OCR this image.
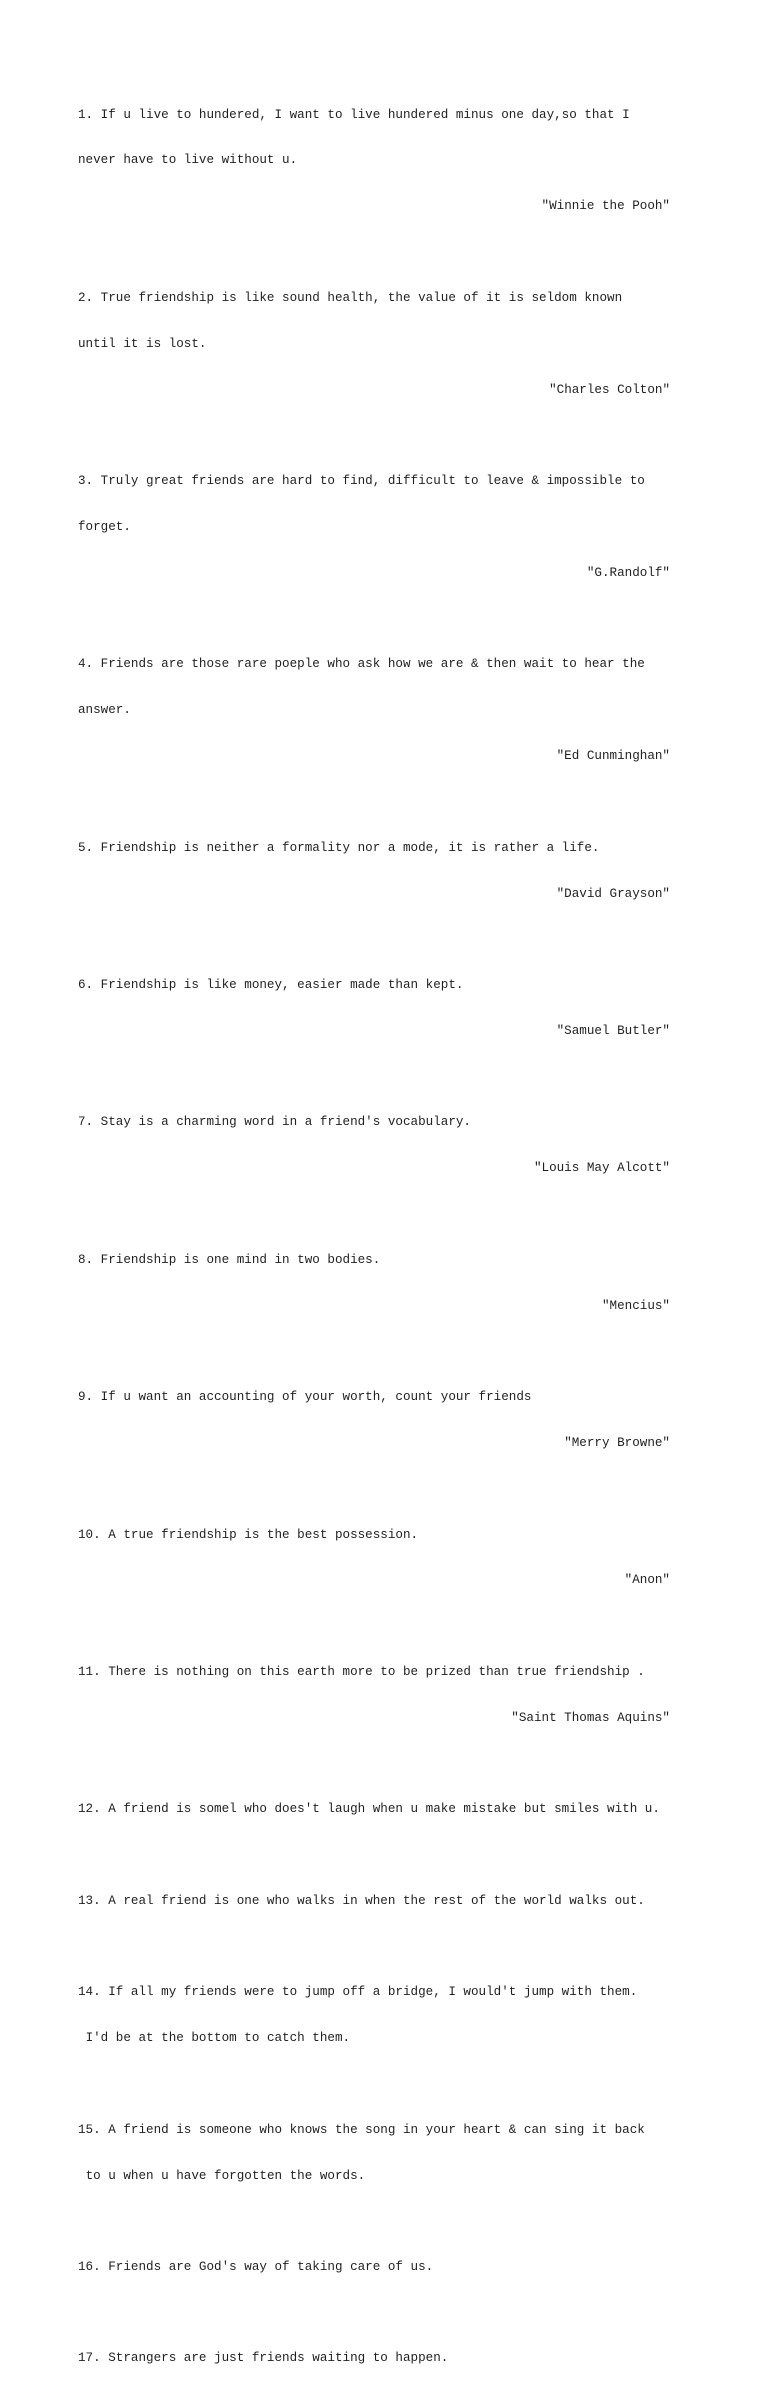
1. If u live to hundered, I want to live hundered minus one day,so that I

never have to live without u.

"Winnie the Pooh"

2. True friendship is like sound health, the value of it is seldom known

until it is lost.

"Charles Colton"

3. Truly great friends are hard to find, difficult to leave & impossible to

forget.

"G.Randolf"

4. Friends are those rare poeple who ask how we are & then wait to hear the

answer.

"Ed Cunminghan"

5. Friendship is neither a formality nor a mode, it is rather a life.

"David Grayson"

6. Friendship is like money, easier made than kept.

"Samuel Butler"

7. Stay is a charming word in a friend's vocabulary.

"Louis May Alcott"

8. Friendship is one mind in two bodies.

"Mencius"

9. If u want an accounting of your worth, count your friends

"Merry Browne"

10. A true friendship is the best possession.

"Anon"

11. There is nothing on this earth more to be prized than true friendship .

"Saint Thomas Aquins"

12. A friend is somel who does't laugh when u make mistake but smiles with u.

13. A real friend is one who walks in when the rest of the world walks out.

14. If all my friends were to jump off a bridge, I would't jump with them.

I'd be at the bottom to catch them.

15. A friend is someone who knows the song in your heart & can sing it back

to u when u have forgotten the words.

16. Friends are God's way of taking care of us.

17. Strangers are just friends waiting to happen.
